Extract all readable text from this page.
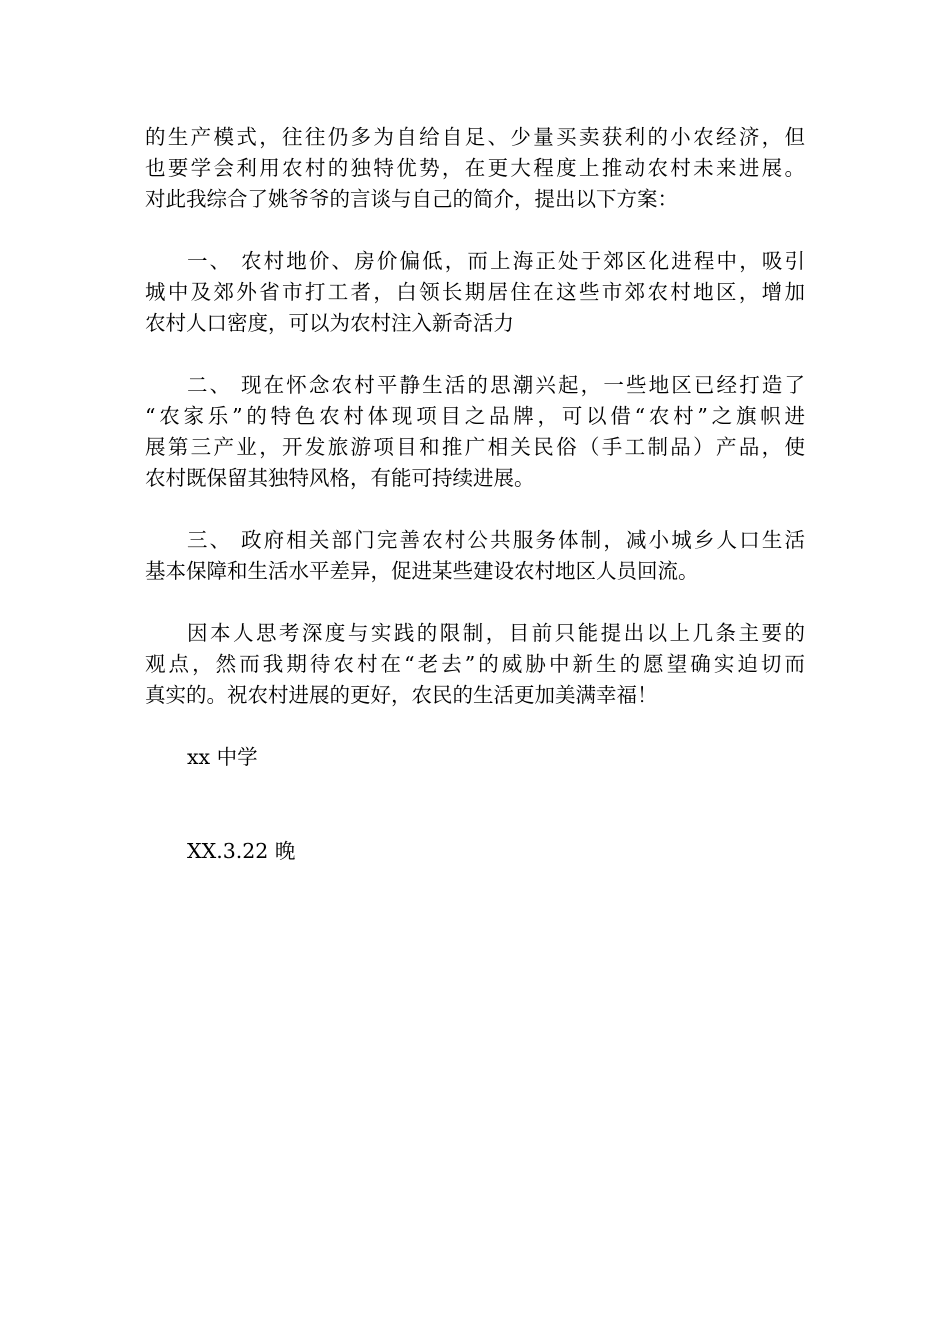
的生产模式，往往仍多为自给自足、少量买卖获利的小农经济，但
也要学会利用农村的独特优势，在更大程度上推动农村未来进展。
对此我综合了姚爷爷的言谈与自己的简介，提出以下方案：
一、 农村地价、房价偏低，而上海正处于郊区化进程中，吸引
城中及郊外省市打工者，白领长期居住在这些市郊农村地区，增加
农村人口密度，可以为农村注入新奇活力
二、 现在怀念农村平静生活的思潮兴起，一些地区已经打造了
“农家乐”的特色农村体现项目之品牌，可以借“农村”之旗帜进
展第三产业，开发旅游项目和推广相关民俗（手工制品）产品，使
农村既保留其独特风格，有能可持续进展。
三、 政府相关部门完善农村公共服务体制，减小城乡人口生活
基本保障和生活水平差异，促进某些建设农村地区人员回流。
因本人思考深度与实践的限制，目前只能提出以上几条主要的
观点，然而我期待农村在“老去”的威胁中新生的愿望确实迫切而
真实的。祝农村进展的更好，农民的生活更加美满幸福！
xx 中学
XX.3.22 晚
